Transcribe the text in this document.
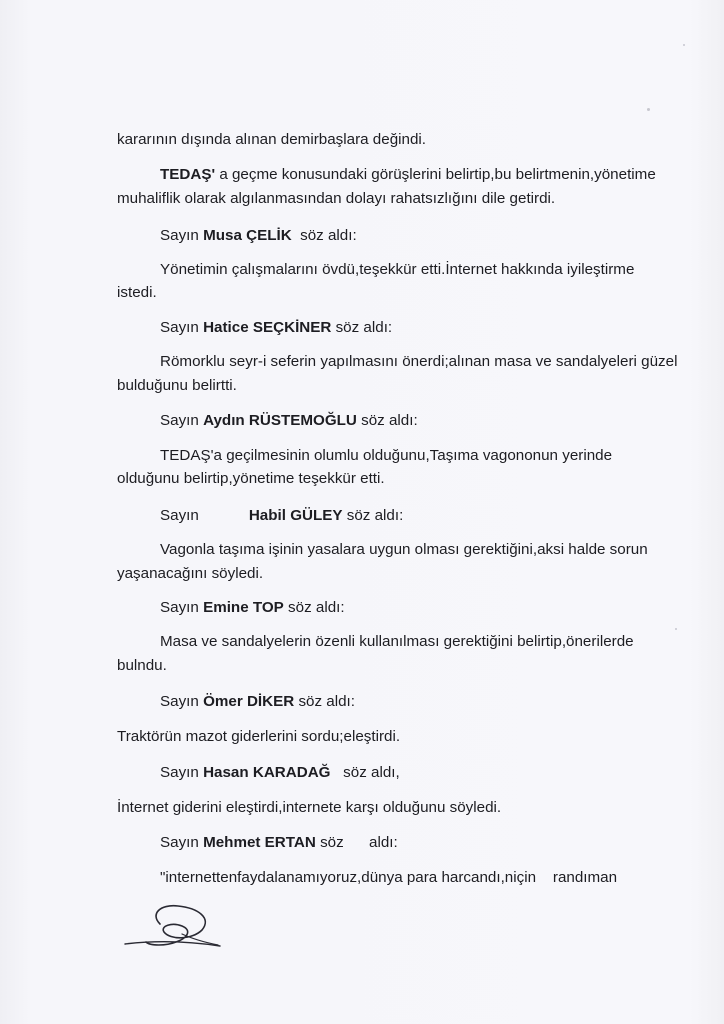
kararının dışında alınan demirbaşlara değindi.
TEDAŞ' a geçme konusundaki görüşlerini belirtip,bu belirtmenin,yönetime
muhaliflik olarak algılanmasından dolayı rahatsızlığını dile getirdi.
Sayın Musa ÇELİK  söz aldı:
Yönetimin çalışmalarını övdü,teşekkür etti.İnternet hakkında iyileştirme
istedi.
Sayın Hatice SEÇKİNER söz aldı:
Römorklu seyr-i seferin yapılmasını önerdi;alınan masa ve sandalyeleri güzel
bulduğunu belirtti.
Sayın Aydın RÜSTEMOĞLU söz aldı:
TEDAŞ'a geçilmesinin olumlu olduğunu,Taşıma vagononun yerinde
olduğunu belirtip,yönetime teşekkür etti.
Sayın	Habil GÜLEY söz aldı:
Vagonla taşıma işinin yasalara uygun olması gerektiğini,aksi halde sorun
yaşanacağını söyledi.
Sayın Emine TOP söz aldı:
Masa ve sandalyelerin özenli kullanılması gerektiğini belirtip,önerilerde
bulndu.
Sayın Ömer DİKER söz aldı:
Traktörün mazot giderlerini sordu;eleştirdi.
Sayın Hasan KARADAĞ   söz aldı,
İnternet giderini eleştirdi,internete karşı olduğunu söyledi.
Sayın Mehmet ERTAN söz      aldı:
"internettenfaydalanamıyoruz,dünya para harcandı,niçin    randıman
